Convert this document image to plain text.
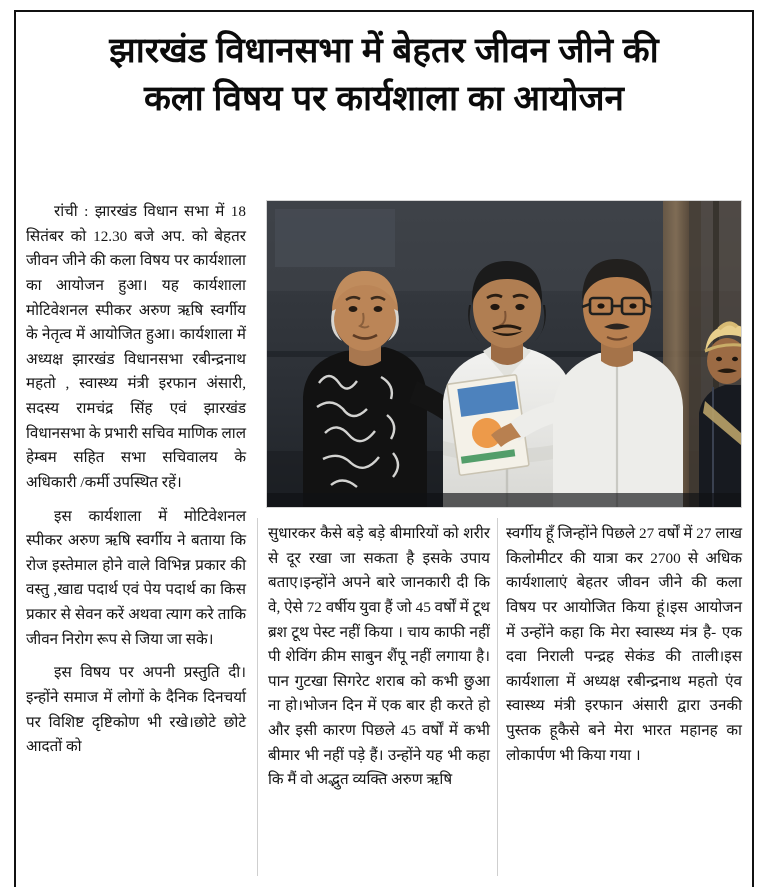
झारखंड विधानसभा में बेहतर जीवन जीने की
कला विषय पर कार्यशाला का आयोजन

रांची : झारखंड विधान सभा में 18 सितंबर को 12.30 बजे अप. को बेहतर जीवन जीने की कला विषय पर कार्यशाला का आयोजन हुआ। यह कार्यशाला मोटिवेशनल स्पीकर अरुण ऋषि स्वर्गीय के नेतृत्व में आयोजित हुआ। कार्यशाला में अध्यक्ष झारखंड विधानसभा रबीन्द्रनाथ महतो , स्वास्थ्य मंत्री इरफान अंसारी, सदस्य रामचंद्र सिंह एवं झारखंड विधानसभा के प्रभारी सचिव माणिक लाल हेम्बम सहित सभा सचिवालय के अधिकारी /कर्मी उपस्थित रहें।

इस कार्यशाला में मोटिवेशनल स्पीकर अरुण ऋषि स्वर्गीय ने बताया कि रोज इस्तेमाल होने वाले विभिन्न प्रकार की वस्तु ,खाद्य पदार्थ एवं पेय पदार्थ का किस प्रकार से सेवन करें अथवा त्याग करे ताकि जीवन निरोग रूप से जिया जा सके।

इस विषय पर अपनी प्रस्तुति दी। इन्होंने समाज में लोगों के दैनिक दिनचर्या पर विशिष्ट दृष्टिकोण भी रखे।छोटे छोटे आदतों को

सुधारकर कैसे बड़े बड़े बीमारियों को शरीर से दूर रखा जा सकता है इसके उपाय बताए।इन्होंने अपने बारे जानकारी दी कि वे, ऐसे 72 वर्षीय युवा हैं जो 45 वर्षों में टूथ ब्रश टूथ पेस्ट नहीं किया । चाय काफी नहीं पी शेविंग क्रीम साबुन शैंपू नहीं लगाया है।पान गुटखा सिगरेट शराब को कभी छुआ ना हो।भोजन दिन में एक बार ही करते हो और इसी कारण पिछले 45 वर्षों में कभी बीमार भी नहीं पड़े हैं। उन्होंने यह भी कहा कि मैं वो अद्भुत व्यक्ति अरुण ऋषि

स्वर्गीय हूँ जिन्होंने पिछले 27 वर्षों में 27 लाख किलोमीटर की यात्रा कर 2700 से अधिक कार्यशालाएं बेहतर जीवन जीने की कला विषय पर आयोजित किया हूं।इस आयोजन में उन्होंने कहा कि मेरा स्वास्थ्य मंत्र है- एक दवा निराली पन्द्रह सेकंड की ताली।इस कार्यशाला में अध्यक्ष रबीन्द्रनाथ महतो एंव स्वास्थ्य मंत्री इरफान अंसारी द्वारा उनकी पुस्तक हूकैसे बने मेरा भारत महानह का लोकार्पण भी किया गया ।
